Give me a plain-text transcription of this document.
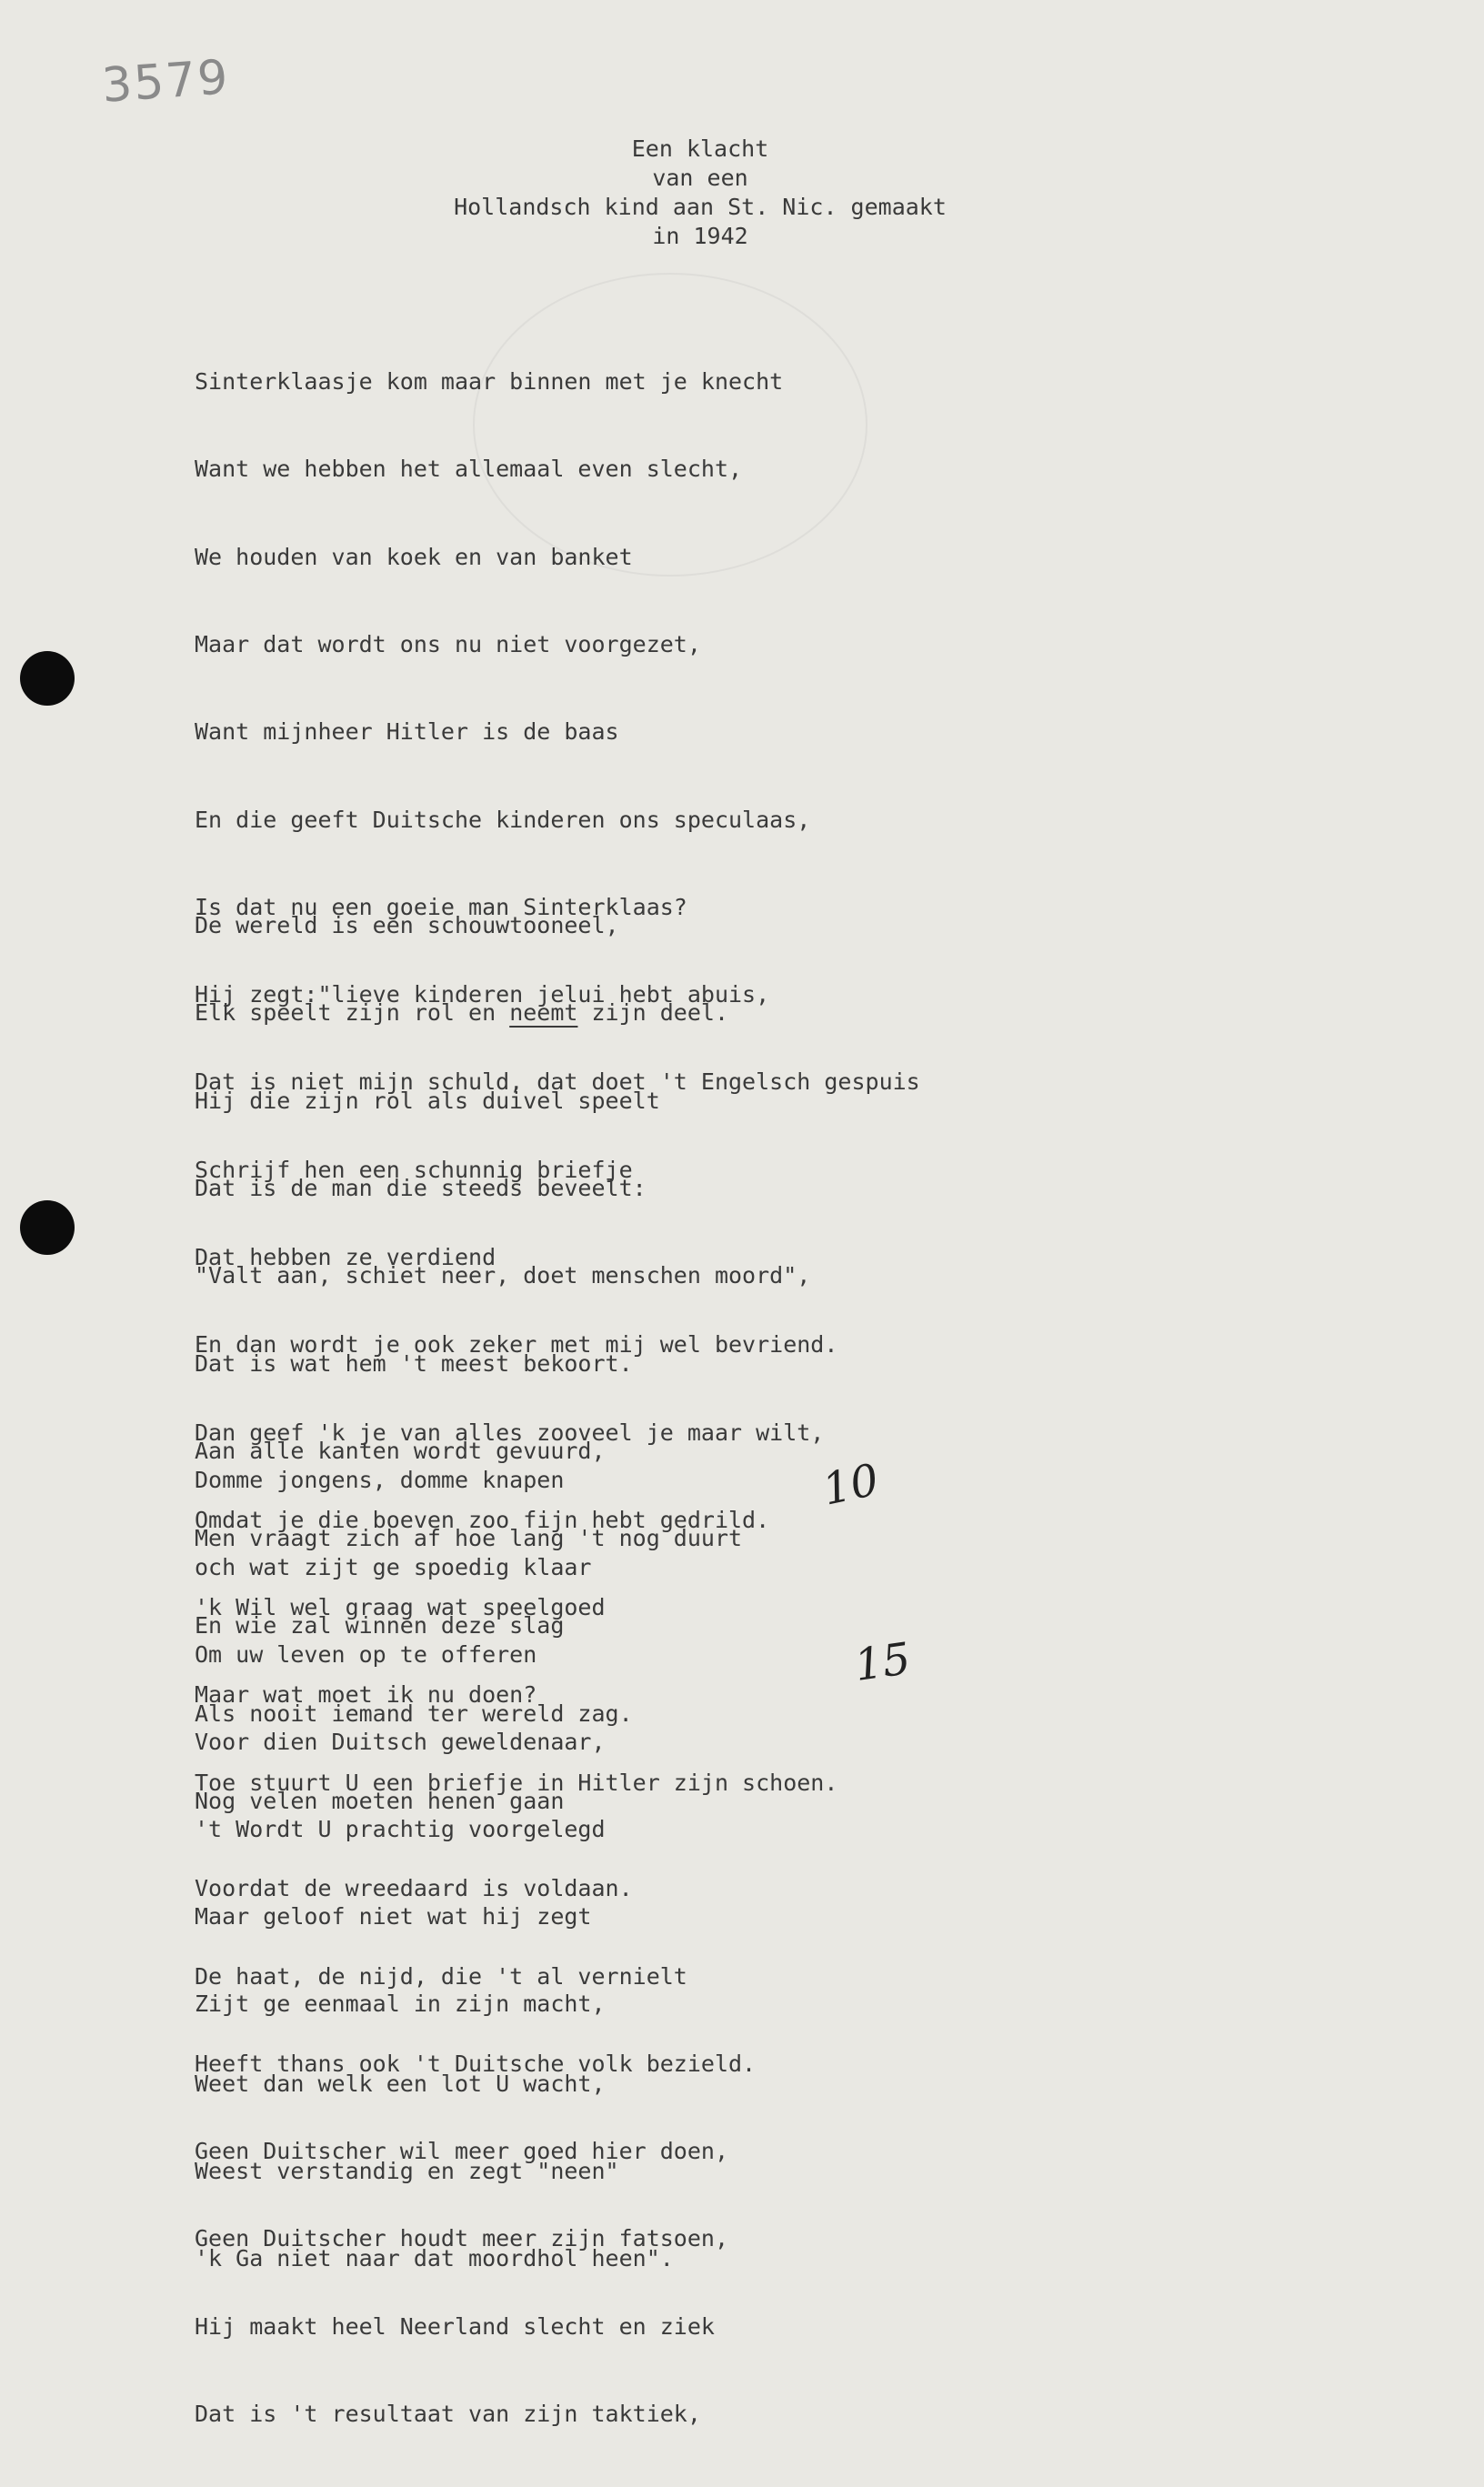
3579
Een klacht
van een
Hollandsch kind aan St. Nic. gemaakt
in 1942

Sinterklaasje kom maar binnen met je knecht

Want we hebben het allemaal even slecht,

We houden van koek en van banket

Maar dat wordt ons nu niet voorgezet,

Want mijnheer Hitler is de baas

En die geeft Duitsche kinderen ons speculaas,

Is dat nu een goeie man Sinterklaas?

Hij zegt:"lieve kinderen jelui hebt abuis,

Dat is niet mijn schuld, dat doet 't Engelsch gespuis

Schrijf hen een schunnig briefje

Dat hebben ze verdiend

En dan wordt je ook zeker met mij wel bevriend.

Dan geef 'k je van alles zooveel je maar wilt,

Omdat je die boeven zoo fijn hebt gedrild.

'k Wil wel graag wat speelgoed

Maar wat moet ik nu doen?

Toe stuurt U een briefje in Hitler zijn schoen.

De wereld is een schouwtooneel,

Elk speelt zijn rol en neemt zijn deel.

Hij die zijn rol als duivel speelt

Dat is de man die steeds beveelt:

"Valt aan, schiet neer, doet menschen moord",

Dat is wat hem 't meest bekoort.

Aan alle kanten wordt gevuurd,

Men vraagt zich af hoe lang 't nog duurt

En wie zal winnen deze slag

Als nooit iemand ter wereld zag.

Nog velen moeten henen gaan

Voordat de wreedaard is voldaan.

De haat, de nijd, die 't al vernielt

Heeft thans ook 't Duitsche volk bezield.

Geen Duitscher wil meer goed hier doen,

Geen Duitscher houdt meer zijn fatsoen,

Hij maakt heel Neerland slecht en ziek

Dat is 't resultaat van zijn taktiek,

Domme jongens, domme knapen

och wat zijt ge spoedig klaar

Om uw leven op te offeren

Voor dien Duitsch geweldenaar,

't Wordt U prachtig voorgelegd

Maar geloof niet wat hij zegt

Zijt ge eenmaal in zijn macht,

Weet dan welk een lot U wacht,

Weest verstandig en zegt "neen"

'k Ga niet naar dat moordhol heen".

10
15
